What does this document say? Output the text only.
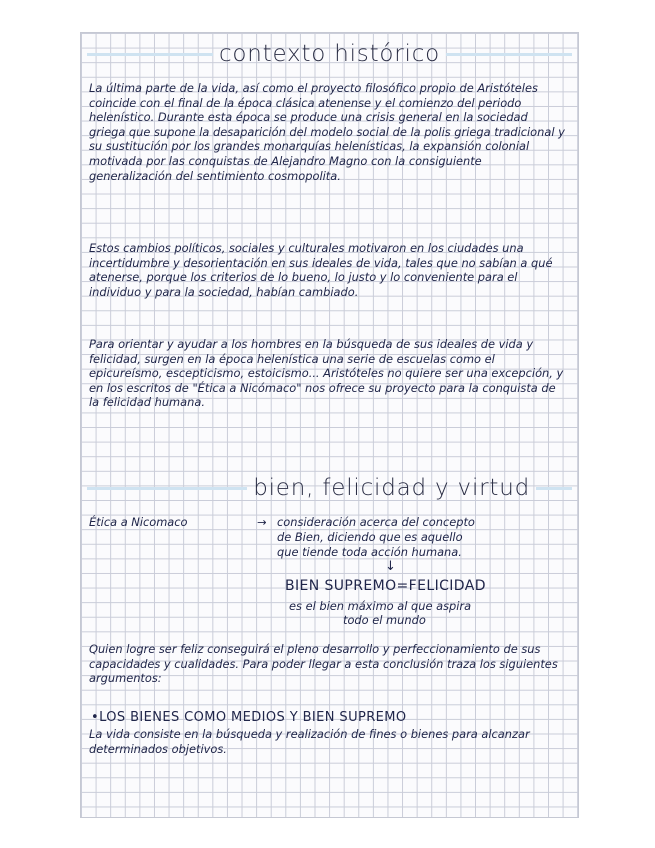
contexto histórico

La última parte de la vida, así como el proyecto filosófico propio de Aristóteles coincide con el final de la época clásica atenense y el comienzo del periodo helenístico. Durante esta época se produce una crisis general en la sociedad griega que supone la desaparición del modelo social de la polis griega tradicional y su sustitución por los grandes monarquías helenísticas, la expansión colonial motivada por las conquistas de Alejandro Magno con la consiguiente generalización del sentimiento cosmopolita.

Estos cambios políticos, sociales y culturales motivaron en los ciudades una incertidumbre y desorientación en sus ideales de vida, tales que no sabían a qué atenerse, porque los criterios de lo bueno, lo justo y lo conveniente para el individuo y para la sociedad, habían cambiado.

Para orientar y ayudar a los hombres en la búsqueda de sus ideales de vida y felicidad, surgen en la época helenística una serie de escuelas como el epicureísmo, escepticismo, estoicismo... Aristóteles no quiere ser una excepción, y en los escritos de "Ética a Nicómaco" nos ofrece su proyecto para la conquista de la felicidad humana.

bien, felicidad y virtud
Ética a Nicomaco	→ consideración acerca del concepto
de Bien, diciendo que es aquello
que tiende toda acción humana.
↓
BIEN SUPREMO=FELICIDAD
es el bien máximo al que aspira
todo el mundo

Quien logre ser feliz conseguirá el pleno desarrollo y perfeccionamiento de sus capacidades y cualidades. Para poder llegar a esta conclusión traza los siguientes argumentos:

•LOS BIENES COMO MEDIOS Y BIEN SUPREMO

La vida consiste en la búsqueda y realización de fines o bienes para alcanzar determinados objetivos.
